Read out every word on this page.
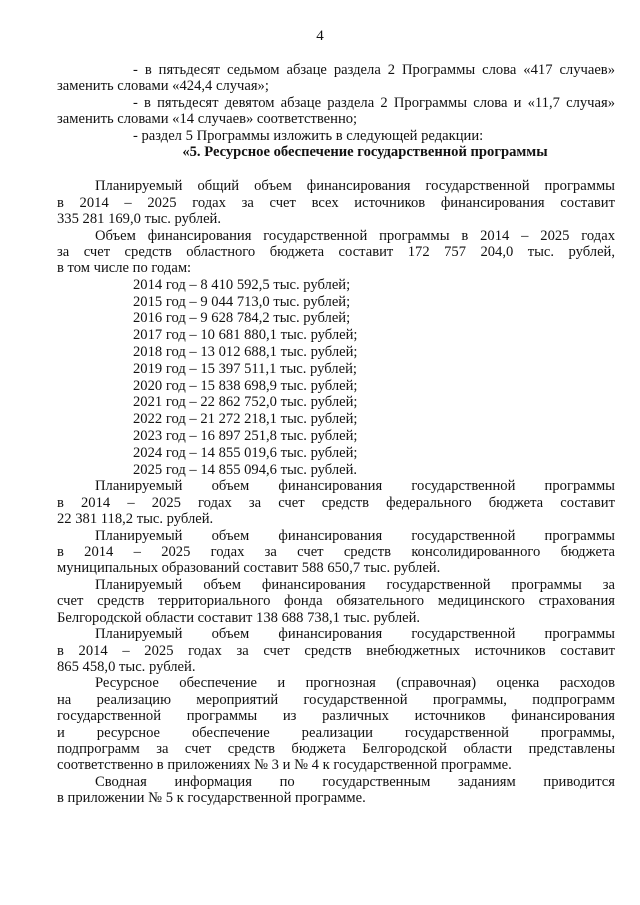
4
- в пятьдесят седьмом абзаце раздела 2 Программы слова «417 случаев»
заменить словами «424,4 случая»;
- в пятьдесят девятом абзаце раздела 2 Программы слова и «11,7 случая»
заменить словами «14 случаев» соответственно;
- раздел 5 Программы изложить в следующей редакции:
«5. Ресурсное обеспечение государственной программы
Планируемый общий объем финансирования государственной программы
в 2014 – 2025 годах за счет всех источников финансирования составит
335 281 169,0 тыс. рублей.
Объем финансирования государственной программы в 2014 – 2025 годах
за счет средств областного бюджета составит 172 757 204,0 тыс. рублей,
в том числе по годам:
2014 год – 8 410 592,5 тыс. рублей;
2015 год – 9 044 713,0 тыс. рублей;
2016 год – 9 628 784,2 тыс. рублей;
2017 год – 10 681 880,1 тыс. рублей;
2018 год – 13 012 688,1 тыс. рублей;
2019 год – 15 397 511,1 тыс. рублей;
2020 год – 15 838 698,9 тыс. рублей;
2021 год – 22 862 752,0 тыс. рублей;
2022 год – 21 272 218,1 тыс. рублей;
2023 год – 16 897 251,8 тыс. рублей;
2024 год – 14 855 019,6 тыс. рублей;
2025 год – 14 855 094,6 тыс. рублей.
Планируемый объем финансирования государственной программы
в 2014 – 2025 годах за счет средств федерального бюджета составит
22 381 118,2 тыс. рублей.
Планируемый объем финансирования государственной программы
в 2014 – 2025 годах за счет средств консолидированного бюджета
муниципальных образований составит 588 650,7 тыс. рублей.
Планируемый объем финансирования государственной программы за
счет средств территориального фонда обязательного медицинского страхования
Белгородской области составит 138 688 738,1 тыс. рублей.
Планируемый объем финансирования государственной программы
в 2014 – 2025 годах за счет средств внебюджетных источников составит
865 458,0 тыс. рублей.
Ресурсное обеспечение и прогнозная (справочная) оценка расходов
на реализацию мероприятий государственной программы, подпрограмм
государственной программы из различных источников финансирования
и ресурсное обеспечение реализации государственной программы,
подпрограмм за счет средств бюджета Белгородской области представлены
соответственно в приложениях № 3 и № 4 к государственной программе.
Сводная информация по государственным заданиям приводится
в приложении № 5 к государственной программе.
